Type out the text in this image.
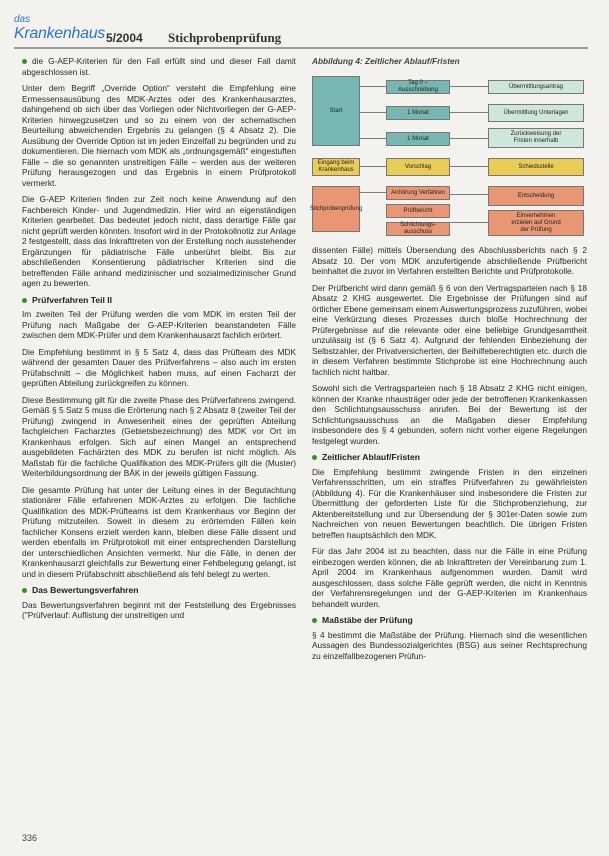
das
Krankenhaus 5/2004 Stichprobenprüfung

die G-AEP-Kriterien für den Fall erfüllt sind und dieser Fall damit abgeschlossen ist.

Unter dem Begriff „Override Option“ versteht die Empfehlung eine Ermessensausübung des MDK-Arztes oder des Krankenhausarztes, dahingehend ob sich über das Vorliegen oder Nichtvorliegen der G-AEP-Kriterien hinwegzusetzen und so zu einem von der schematischen Beurteilung abweichenden Ergebnis zu gelangen (§ 4 Absatz 2). Die Ausübung der Override Option ist im jeden Einzelfall zu begründen und zu dokumentieren. Die hiernach vom MDK als „ordnungsgemäß“ eingestuften Fälle – die so genannten unstreitigen Fälle – werden aus der weiteren Prüfung herausgezogen und das Ergebnis in einem Prüfprotokoll vermerkt.

Die G-AEP Kriterien finden zur Zeit noch keine Anwendung auf den Fachbereich Kinder- und Jugendmedizin. Hier wird an eigenständigen Kriterien gearbeitet. Das bedeutet jedoch nicht, dass derartige Fälle gar nicht geprüft werden könnten. Insofort wird in der Protokollnotiz zur Anlage 2 festgestellt, dass das Inkrafttreten von der Erstellung noch ausstehender Ergänzungen für pädiatrische Fälle unberührt bleibt. Bis zur abschließenden Konsentierung pädiatrischer Kriterien sind die betreffenden Fälle anhand medizinischer und sozialmedizinischer Grund agen zu bewerten.

Prüfverfahren Teil II

Im zweiten Teil der Prüfung werden die vom MDK im ersten Teil der Prüfung nach Maßgabe der G-AEP-Kriterien beanstandeten Fälle zwischen dem MDK-Prüfer und dem Krankenhausarzt fachlich erörtert.

Die Empfehlung bestimmt in § 5 Satz 4, dass das Prüfteam des MDK während der gesamten Dauer des Prüfverfahrens – also auch im ersten Prüfabschnitt – die Möglichkeit haben muss, auf einen Facharzt der geprüften Abteilung zurückgreifen zu können.

Diese Bestimmung gilt für die zweite Phase des Prüfverfahrens zwingend. Gemäß § 5 Satz 5 muss die Erörterung nach § 2 Absatz 8 (zweiter Teil der Prüfung) zwingend in Anwesenheit eines der geprüften Abteilung fachgleichen Facharztes (Gebietsbezeichnung) des MDK vor Ort im Krankenhaus erfolgen. Sich auf einen Mangel an entsprechend ausgebildeten Fachärzten des MDK zu berufen ist nicht möglich. Als Maßstab für die fachliche Qualifikation des MDK-Prüfers gilt die (Muster) Weiterbildungsordnung der BÄK in der jeweils gültigen Fassung.

Die gesamte Prüfung hat unter der Leitung eines in der Begutachtung stationärer Fälle erfahrenen MDK-Arztes zu erfolgen. Die fachliche Qualifikation des MDK-Prüfteams ist dem Krankenhaus vor Beginn der Prüfung mitzuteilen. Soweit in diesem zu erörternden Fällen kein fachlicher Konsens erzielt werden kann, bleiben diese Fälle dissent und werden ebenfalls im Prüfprotokoll mit einer entsprechenden Darstellung der unterschiedlichen Ansichten vermerkt. Nur die Fälle, in denen der Krankenhausarzt gleichfalls zur Bewertung einer Fehlbelegung gelangt, ist und in diesem Prüfabschnitt abschließend als fehl belegt zu werten.

Das Bewertungsverfahren

Das Bewertungsverfahren beginnt mit der Feststellung des Ergebnisses ("Prüfverlauf: Auflistung der unstreitigen und

Abbildung 4: Zeitlicher Ablauf/Fristen
Start
Tag 0 – Ausschreibung
1 Monat
1 Monat
Übermittlungsantrag
Übermittlung Unterlagen
Zurückweisung der
Fristen innerhalb
Eingang beim
Krankenhaus
Vorschlag	Schiedsstelle
Stichprobenprüfung
Anhörung Verfahren
Prüfbericht
Schlichtungs-
ausschuss
Entscheidung
Einvernehmen
erzielen auf Grund
der Prüfung

dissenten Fälle) mittels Übersendung des Abschlussberichts nach § 2 Absatz 10. Der vom MDK anzufertigende abschließende Prüfbericht beinhaltet die zuvor im Verfahren erstellten Berichte und Prüfprotokolle.

Der Prüfbericht wird dann gemäß § 6 von den Vertragsparteien nach § 18 Absatz 2 KHG ausgewertet. Die Ergebnisse der Prüfungen sind auf örtlicher Ebene gemeinsam einem Auswertungsprozess zuzuführen, wobei eine Verkürzung dieses Prozesses durch bloße Hochrechnung der Prüfergebnisse auf die relevante oder eine beliebige Grundgesamtheit unzulässig ist (§ 6 Satz 4). Aufgrund der fehlenden Einbeziehung der Selbstzahler, der Privatversicherten, der Beihilfeberechtigten etc. durch die in diesem Verfahren bestimmte Stichprobe ist eine Hochrechnung auch fachlich nicht haltbar.

Sowohl sich die Vertragsparteien nach § 18 Absatz 2 KHG nicht einigen, können der Kranke nhausträger oder jede der betroffenen Krankenkassen den Schlichtungsausschuss anrufen. Bei der Bewertung ist der Schlichtungsausschuss an die Maßgaben dieser Empfehlung insbesondere des § 4 gebunden, sofern nicht vorher eigene Regelungen festgelegt wurden.

Zeitlicher Ablauf/Fristen

Die Empfehlung bestimmt zwingende Fristen in den einzelnen Verfahrensschritten, um ein straffes Prüfverfahren zu gewährleisten (Abbildung 4). Für die Krankenhäuser sind insbesondere die Fristen zur Übermittlung der geforderten Liste für die Stichprobenziehung, zur Aktenbereitstellung und zur Übersendung der § 301er-Daten sowie zum Nachreichen von neuen Bewertungen beachtlich. Die übrigen Fristen betreffen hauptsächlich den MDK.

Für das Jahr 2004 ist zu beachten, dass nur die Fälle in eine Prüfung einbezogen werden können, die ab Inkrafttreten der Vereinbarung zum 1. April 2004 im Krankenhaus aufgenommen wurden. Damit wird ausgeschlossen, dass solche Fälle geprüft werden, die nicht in Kenntnis der Verfahrensregelungen und der G-AEP-Kriterien im Krankenhaus behandelt wurden.

Maßstäbe der Prüfung

§ 4 bestimmt die Maßstäbe der Prüfung. Hiernach sind die wesentlichen Aussagen des Bundessozialgerichtes (BSG) aus seiner Rechtsprechung zu einzelfallbezogenen Prüfun-

336
